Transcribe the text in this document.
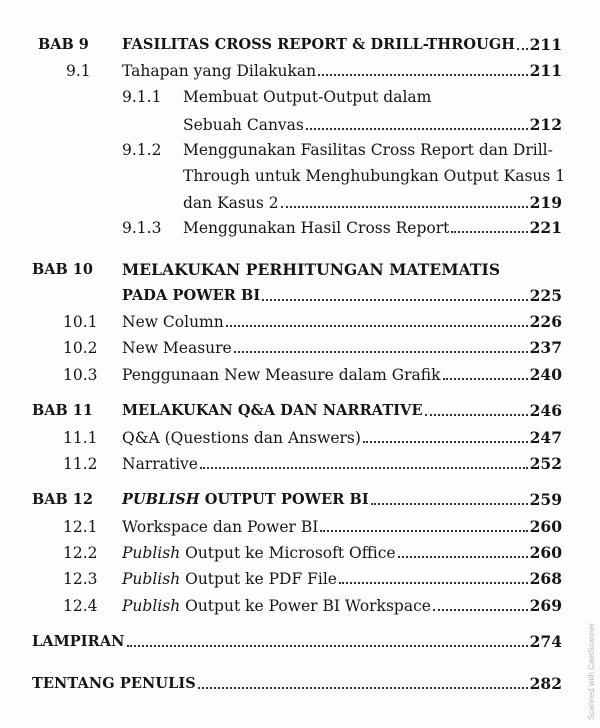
BAB 9 FASILITAS CROSS REPORT & DRILL-THROUGH 211
9.1 Tahapan yang Dilakukan	211
9.1.1 Membuat Output-Output dalam
Sebuah Canvas	212
9.1.2 Menggunakan Fasilitas Cross Report dan Drill-
Through untuk Menghubungkan Output Kasus 1
dan Kasus 2	219
9.1.3 Menggunakan Hasil Cross Report	221
BAB 10 MELAKUKAN PERHITUNGAN MATEMATIS
PADA POWER BI	225
10.1 New Column	226
10.2 New Measure	237
10.3 Penggunaan New Measure dalam Grafik	240
BAB 11 MELAKUKAN Q&A DAN NARRATIVE	246
11.1 Q&A (Questions dan Answers)	247
11.2 Narrative	252
BAB 12 PUBLISH OUTPUT POWER BI	259
12.1 Workspace dan Power BI	260
12.2 Publish Output ke Microsoft Office	260
12.3 Publish Output ke PDF File	268
12.4 Publish Output ke Power BI Workspace	269
LAMPIRAN	274
TENTANG PENULIS	282	Scanned with CamScanner
